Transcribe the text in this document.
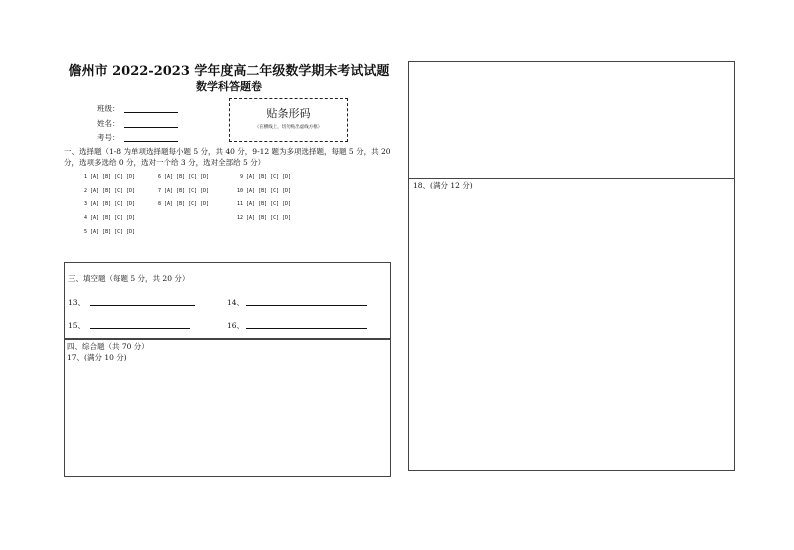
儋州市 2022-2023 学年度高二年级数学期末考试试题
数学科答题卷
班级：
姓名：
考号：
贴条形码
（在横线上，切勿贴出虚线方框）
一、选择题（1-8 为单项选择题每小题 5 分，共 40 分，9-12 题为多项选择题，每题 5 分，共 20 分，选项多选给 0 分，选对一个给 3 分，选对全部给 5 分）
1 [A] [B] [C] [D]
2 [A] [B] [C] [D]
3 [A] [B] [C] [D]
4 [A] [B] [C] [D]
5 [A] [B] [C] [D]
6 [A] [B] [C] [D]
7 [A] [B] [C] [D]
8 [A] [B] [C] [D]
9 [A] [B] [C] [D]
10 [A] [B] [C] [D]
11 [A] [B] [C] [D]
12 [A] [B] [C] [D]
三、填空题（每题 5 分，共 20 分）
13、	14、
15、	16、
四、综合题（共 70 分）
17、(满分 10 分)
18、(满分 12 分)
